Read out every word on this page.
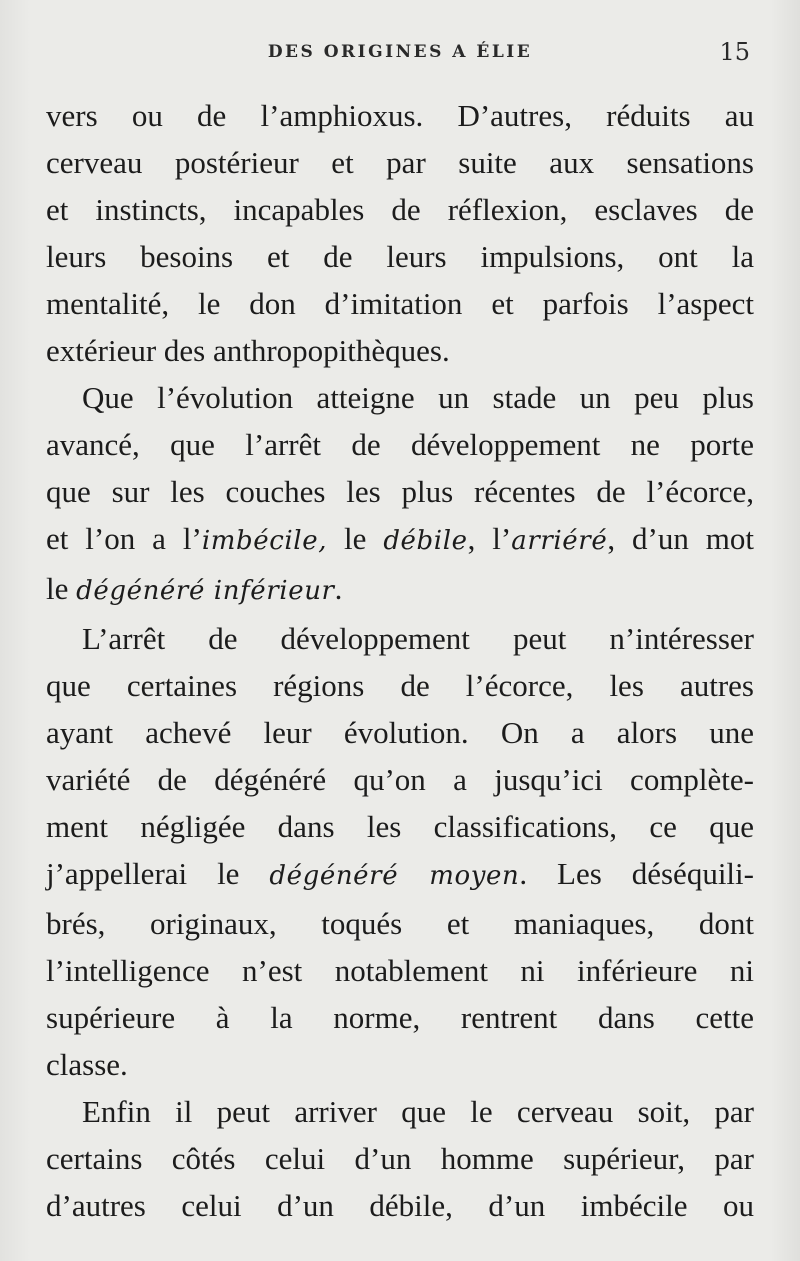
DES ORIGINES A ÉLIE	15
vers ou de l’amphioxus. D’autres, réduits au
cerveau postérieur et par suite aux sensations
et instincts, incapables de réflexion, esclaves de
leurs besoins et de leurs impulsions, ont la
mentalité, le don d’imitation et parfois l’aspect
extérieur des anthropopithèques.
Que l’évolution atteigne un stade un peu plus
avancé, que l’arrêt de développement ne porte
que sur les couches les plus récentes de l’écorce,
et l’on a l’imbécile, le débile, l’arriéré, d’un mot
le dégénéré inférieur.
L’arrêt de développement peut n’intéresser
que certaines régions de l’écorce, les autres
ayant achevé leur évolution. On a alors une
variété de dégénéré qu’on a jusqu’ici complète-
ment négligée dans les classifications, ce que
j’appellerai le dégénéré moyen. Les déséquili-
brés, originaux, toqués et maniaques, dont
l’intelligence n’est notablement ni inférieure ni
supérieure à la norme, rentrent dans cette
classe.
Enfin il peut arriver que le cerveau soit, par
certains côtés celui d’un homme supérieur, par
d’autres celui d’un débile, d’un imbécile ou
